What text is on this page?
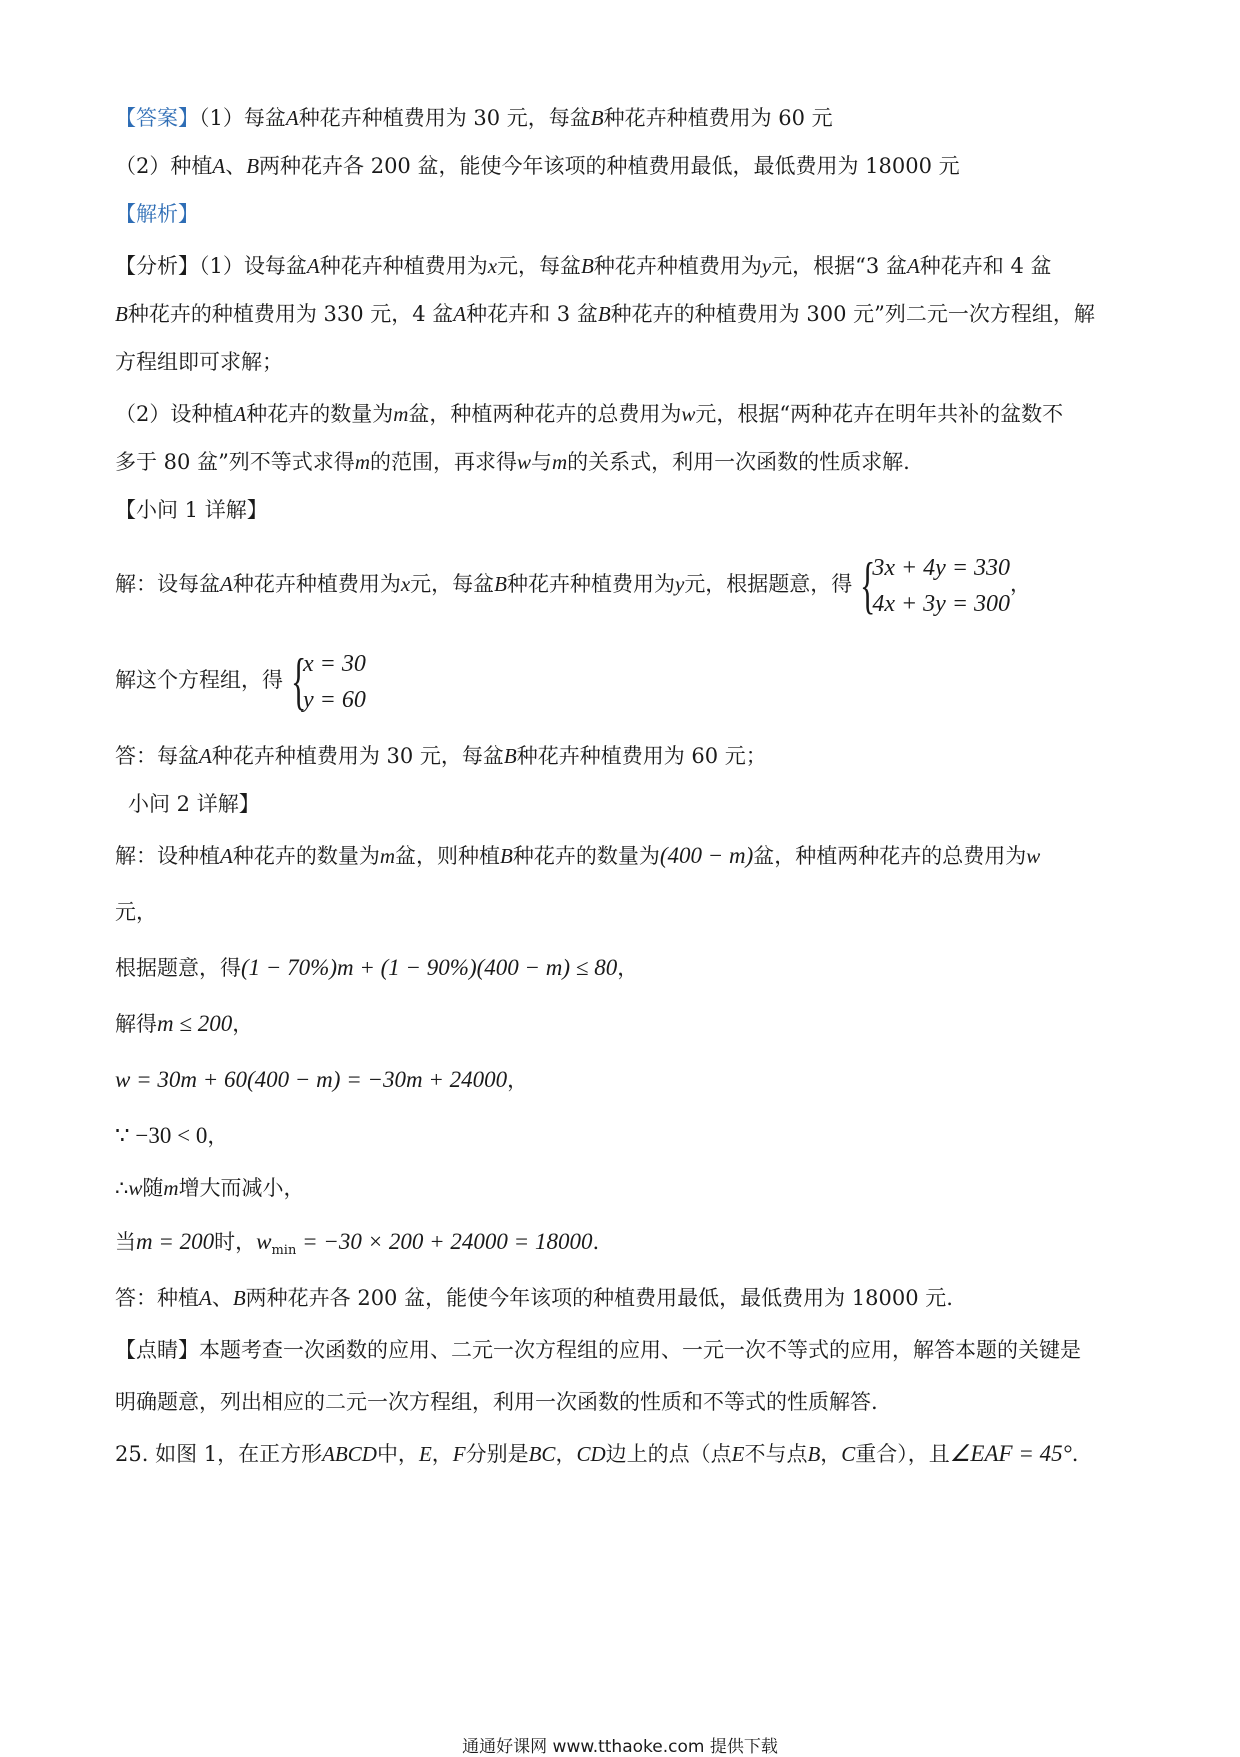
【答案】（1）每盆A种花卉种植费用为 30 元，每盆B种花卉种植费用为 60 元
（2）种植A、B两种花卉各 200 盆，能使今年该项的种植费用最低，最低费用为 18000 元
【解析】
【分析】（1）设每盆A种花卉种植费用为x元，每盆B种花卉种植费用为y元，根据“3 盆A种花卉和 4 盆
B种花卉的种植费用为 330 元，4 盆A种花卉和 3 盆B种花卉的种植费用为 300 元”列二元一次方程组，解
方程组即可求解；
（2）设种植A种花卉的数量为m盆，种植两种花卉的总费用为w元，根据“两种花卉在明年共补的盆数不
多于 80 盆”列不等式求得m的范围，再求得w与m的关系式，利用一次函数的性质求解.
【小问 1 详解】
解：设每盆A种花卉种植费用为x元，每盆B种花卉种植费用为y元，根据题意，得 {
3x + 4y = 330
4x + 3y = 300
，
解这个方程组，得 {
x = 30
y = 60
答：每盆A种花卉种植费用为 30 元，每盆B种花卉种植费用为 60 元；
小问 2 详解】
解：设种植A种花卉的数量为m盆，则种植B种花卉的数量为(400 − m)盆，种植两种花卉的总费用为w
元，
根据题意，得(1 − 70%)m + (1 − 90%)(400 − m) ≤ 80，
解得m ≤ 200，
w = 30m + 60(400 − m) = −30m + 24000，
∵ −30 < 0，
∴w随m增大而减小，
当m = 200时，$w_{min} = -30 \times 200 + 24000 = 18000$.
答：种植A、B两种花卉各 200 盆，能使今年该项的种植费用最低，最低费用为 18000 元.
【点睛】本题考查一次函数的应用、二元一次方程组的应用、一元一次不等式的应用，解答本题的关键是
明确题意，列出相应的二元一次方程组，利用一次函数的性质和不等式的性质解答.
25. 如图 1，在正方形ABCD中，E，F分别是BC，CD边上的点（点E不与点B，C重合），且∠EAF = 45°.
通通好课网 www.tthaoke.com 提供下载
